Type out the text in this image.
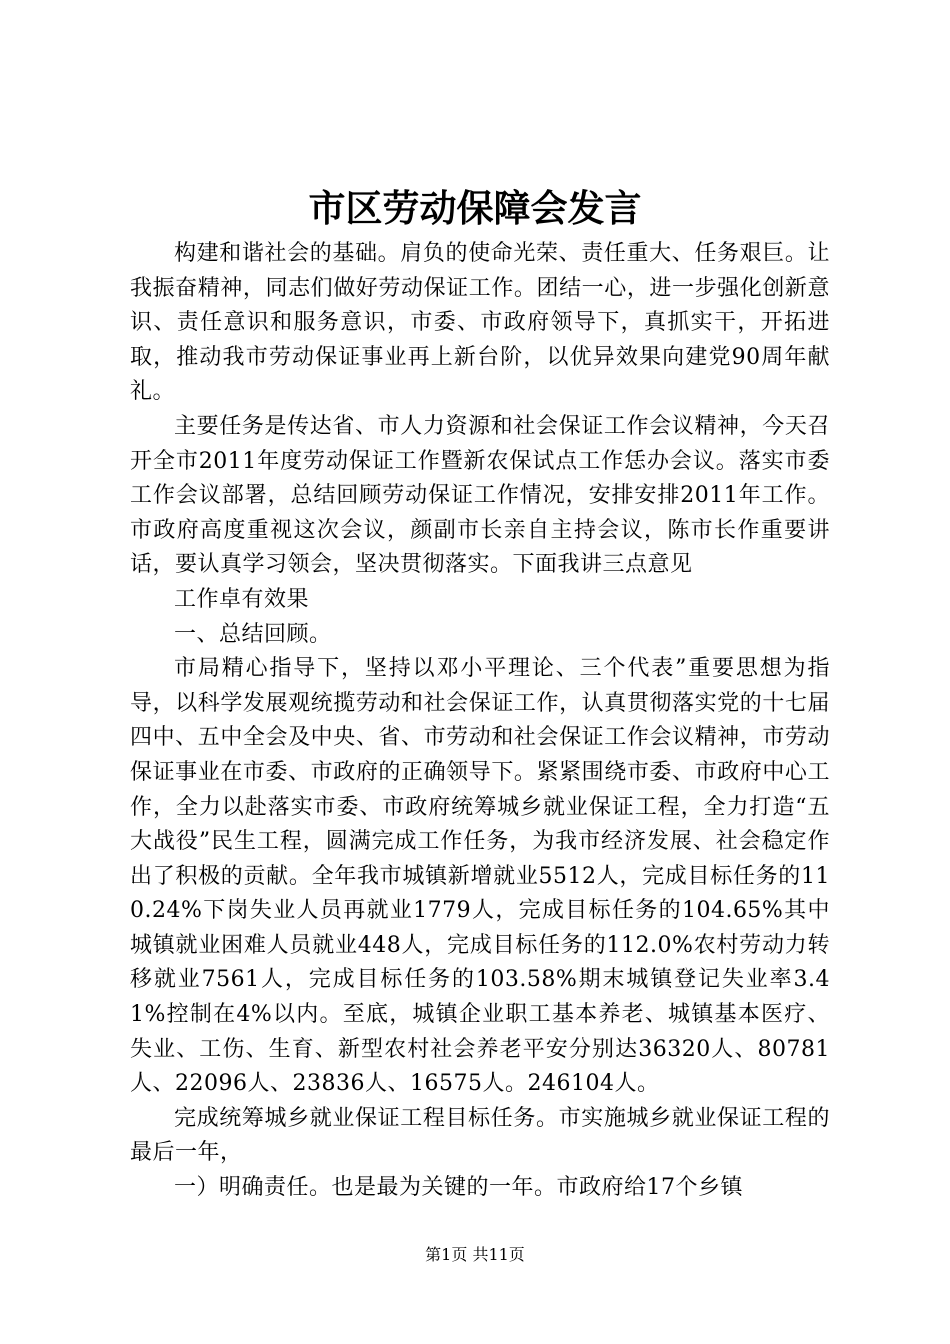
市区劳动保障会发言

构建和谐社会的基础。肩负的使命光荣、责任重大、任务艰巨。让我振奋精神，同志们做好劳动保证工作。团结一心，进一步强化创新意识、责任意识和服务意识，市委、市政府领导下，真抓实干，开拓进取，推动我市劳动保证事业再上新台阶，以优异效果向建党90周年献礼。

主要任务是传达省、市人力资源和社会保证工作会议精神，今天召开全市2011年度劳动保证工作暨新农保试点工作恁办会议。落实市委工作会议部署，总结回顾劳动保证工作情况，安排安排2011年工作。市政府高度重视这次会议，颜副市长亲自主持会议，陈市长作重要讲话，要认真学习领会，坚决贯彻落实。下面我讲三点意见

工作卓有效果

一、总结回顾。

市局精心指导下，坚持以邓小平理论、三个代表”重要思想为指导，以科学发展观统揽劳动和社会保证工作，认真贯彻落实党的十七届四中、五中全会及中央、省、市劳动和社会保证工作会议精神，市劳动保证事业在市委、市政府的正确领导下。紧紧围绕市委、市政府中心工作，全力以赴落实市委、市政府统筹城乡就业保证工程，全力打造“五大战役”民生工程，圆满完成工作任务，为我市经济发展、社会稳定作出了积极的贡献。全年我市城镇新增就业5512人，完成目标任务的110.24%下岗失业人员再就业1779人，完成目标任务的104.65%其中城镇就业困难人员就业448人，完成目标任务的112.0%农村劳动力转移就业7561人，完成目标任务的103.58%期末城镇登记失业率3.41%控制在4%以内。至底，城镇企业职工基本养老、城镇基本医疗、失业、工伤、生育、新型农村社会养老平安分别达36320人、80781人、22096人、23836人、16575人。246104人。

完成统筹城乡就业保证工程目标任务。市实施城乡就业保证工程的最后一年，

一）明确责任。也是最为关键的一年。市政府给17个乡镇

第1页 共11页
